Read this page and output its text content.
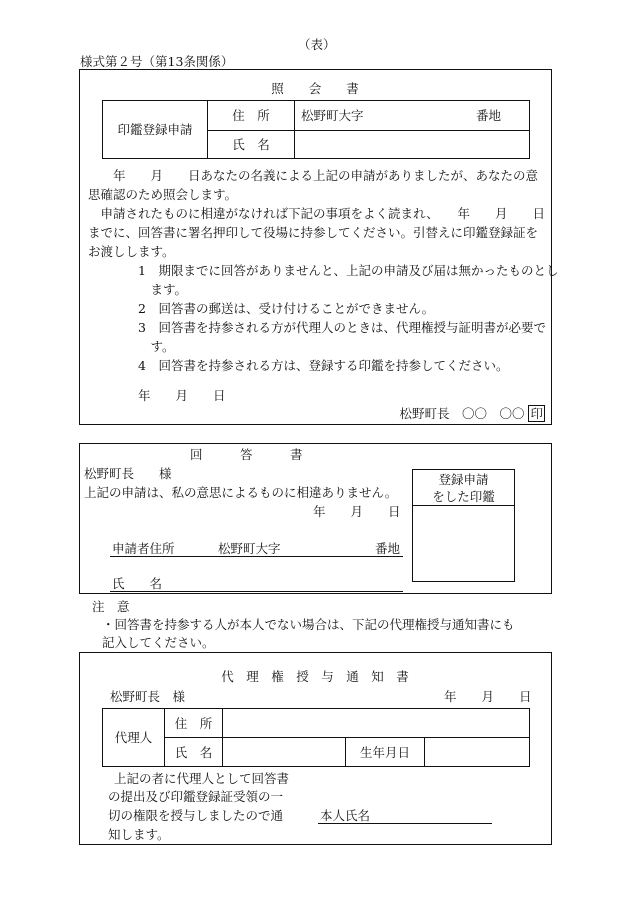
（表）
様式第２号（第13条関係）
照　　会　　書
印鑑登録申請	住　所	松野町大字 番地

	氏　名	
　　年　　月　　日あなたの名義による上記の申請がありましたが、あなたの意思確認のため照会します。
　申請されたものに相違がなければ下記の事項をよく読まれ、　　年　　月　　日までに、回答書に署名押印して役場に持参してください。引替えに印鑑登録証をお渡しします。
1　期限までに回答がありませんと、上記の申請及び届は無かったものとします。
2　回答書の郵送は、受け付けることができません。
3　回答書を持参される方が代理人のときは、代理権授与証明書が必要です。
4　回答書を持参される方は、登録する印鑑を持参してください。
年　　月　　日
松野町長　〇〇　〇〇 印
回　　　答　　　書
松野町長　　様
上記の申請は、私の意思によるものに相違ありません。
年　　月　　日
申請者住所	松野町大字	番地
氏　　名
登録申請
をした印鑑
注　意
・回答書を持参する人が本人でない場合は、下記の代理権授与通知書にも
記入してください。
代　理　権　授　与　通　知　書
松野町長　様	年　　月　　日
代理人	住　所			
	氏　名		生年月日	
上記の者に代理人として回答書
の提出及び印鑑登録証受領の一
切の権限を授与しましたので通
知します。
本人氏名
